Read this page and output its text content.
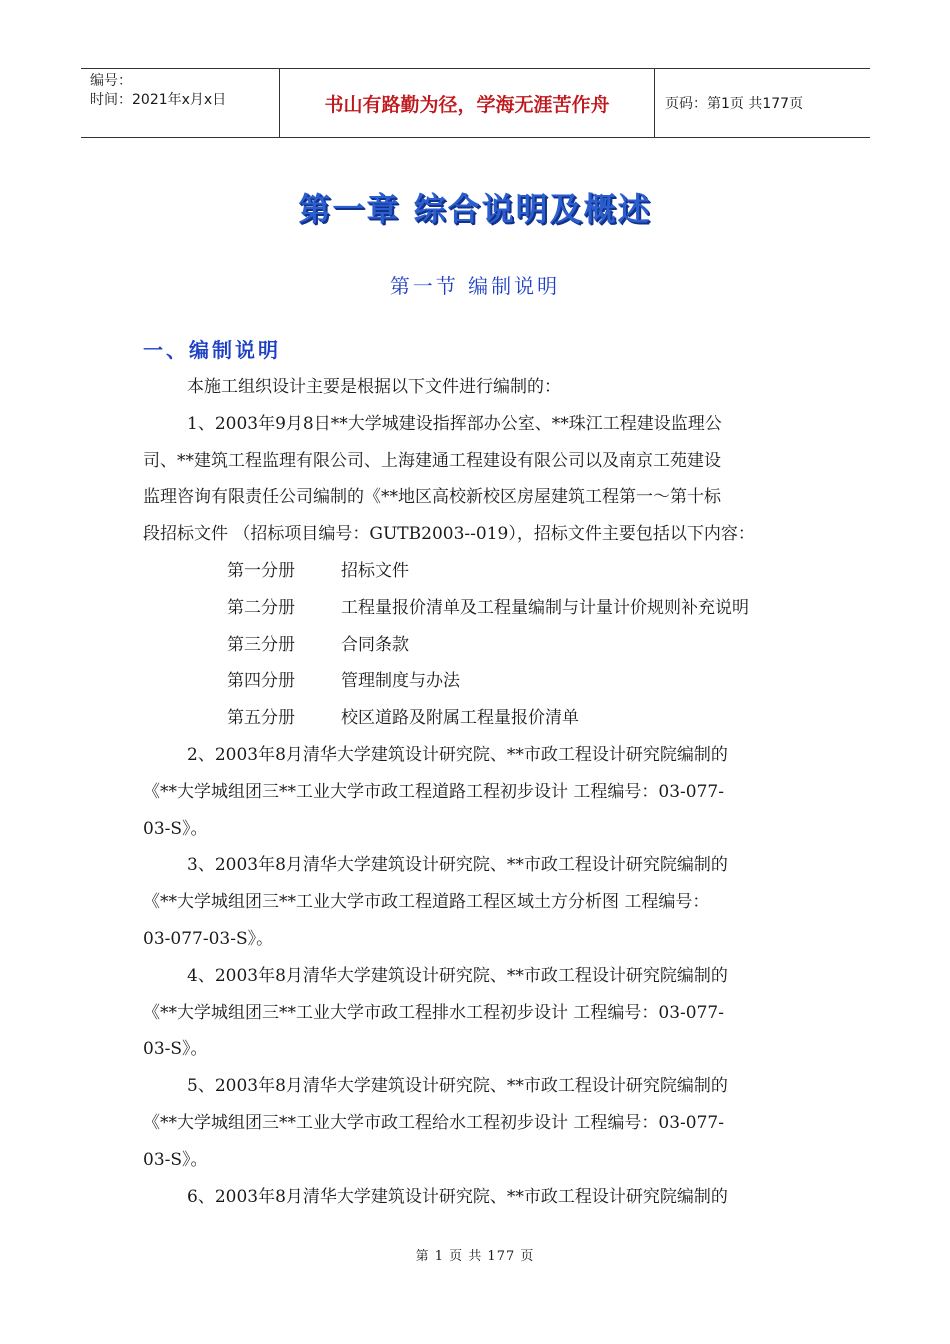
编号：
时间：2021年x月x日	书山有路勤为径，学海无涯苦作舟	页码：第1页 共177页
第一章 综合说明及概述
第一节 编制说明
一、编制说明
本施工组织设计主要是根据以下文件进行编制的：
1、2003年9月8日**大学城建设指挥部办公室、**珠江工程建设监理公
司、**建筑工程监理有限公司、上海建通工程建设有限公司以及南京工苑建设
监理咨询有限责任公司编制的《**地区高校新校区房屋建筑工程第一～第十标
段招标文件 （招标项目编号：GUTB2003--019），招标文件主要包括以下内容：
第一分册	招标文件
第二分册	工程量报价清单及工程量编制与计量计价规则补充说明
第三分册	合同条款
第四分册	管理制度与办法
第五分册	校区道路及附属工程量报价清单
2、2003年8月清华大学建筑设计研究院、**市政工程设计研究院编制的
《**大学城组团三**工业大学市政工程道路工程初步设计 工程编号：03-077-
03-S》。
3、2003年8月清华大学建筑设计研究院、**市政工程设计研究院编制的
《**大学城组团三**工业大学市政工程道路工程区域土方分析图 工程编号：
03-077-03-S》。
4、2003年8月清华大学建筑设计研究院、**市政工程设计研究院编制的
《**大学城组团三**工业大学市政工程排水工程初步设计 工程编号：03-077-
03-S》。
5、2003年8月清华大学建筑设计研究院、**市政工程设计研究院编制的
《**大学城组团三**工业大学市政工程给水工程初步设计 工程编号：03-077-
03-S》。
6、2003年8月清华大学建筑设计研究院、**市政工程设计研究院编制的
第 1 页 共 177 页
